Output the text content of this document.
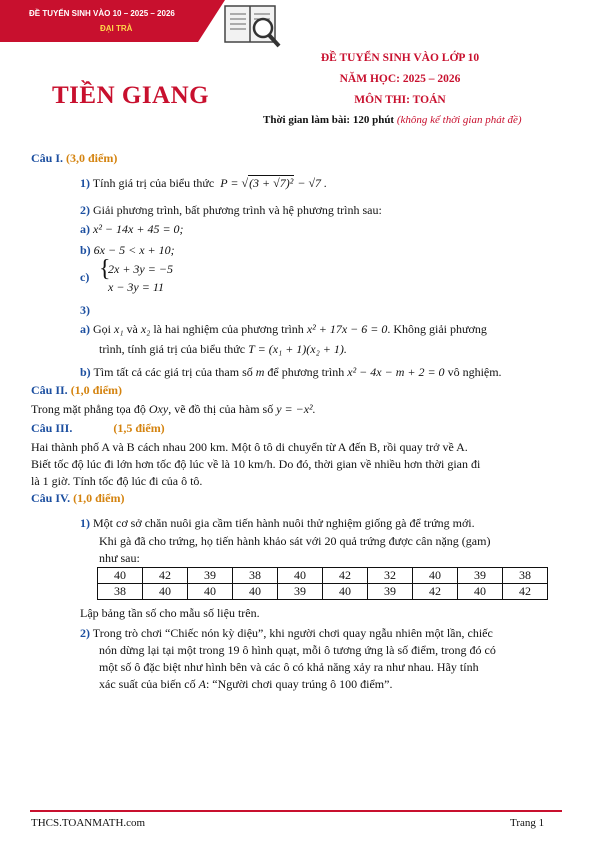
ĐỀ TUYỂN SINH VÀO 10 – 2025 – 2026
ĐẠI TRÀ
TIỀN GIANG
ĐỀ TUYỂN SINH VÀO LỚP 10
NĂM HỌC: 2025 – 2026
MÔN THI: TOÁN
Thời gian làm bài: 120 phút (không kể thời gian phát đề)
Câu I. (3,0 điểm)
1) Tính giá trị của biểu thức  P = √(3 + √7)² − √7 .
2) Giải phương trình, bất phương trình và hệ phương trình sau:
a) x² − 14x + 45 = 0;
b) 6x − 5 < x + 10;
c) {
2x + 3y = −5
x − 3y = 11
3)
a) Gọi x₁ và x₂ là hai nghiệm của phương trình x² + 17x − 6 = 0. Không giải phương
trình, tính giá trị của biểu thức T = (x₁ + 1)(x₂ + 1).
b) Tìm tất cả các giá trị của tham số m để phương trình x² − 4x − m + 2 = 0 vô nghiệm.
Câu II. (1,0 điểm)
Trong mặt phẳng tọa độ Oxy, vẽ đồ thị của hàm số y = −x².
Câu III.	(1,5 điểm)
Hai thành phố A và B cách nhau 200 km. Một ô tô di chuyển từ A đến B, rồi quay trở về A.
Biết tốc độ lúc đi lớn hơn tốc độ lúc về là 10 km/h. Do đó, thời gian về nhiều hơn thời gian đi
là 1 giờ. Tính tốc độ lúc đi của ô tô.
Câu IV. (1,0 điểm)
1) Một cơ sở chăn nuôi gia cầm tiến hành nuôi thử nghiệm giống gà để trứng mới.
Khi gà đã cho trứng, họ tiến hành khảo sát với 20 quả trứng được cân nặng (gam)
như sau:
40	42	39	38	40	42	32	40	39	38
38	40	40	40	39	40	39	42	40	42
Lập bảng tần số cho mẫu số liệu trên.
2) Trong trò chơi “Chiếc nón kỳ diệu”, khi người chơi quay ngẫu nhiên một lần, chiếc
nón dừng lại tại một trong 19 ô hình quạt, mỗi ô tương ứng là số điểm, trong đó có
một số ô đặc biệt như hình bên và các ô có khả năng xảy ra như nhau. Hãy tính
xác suất của biến cố A: “Người chơi quay trúng ô 100 điểm”.
THCS.TOANMATH.com	Trang 1
